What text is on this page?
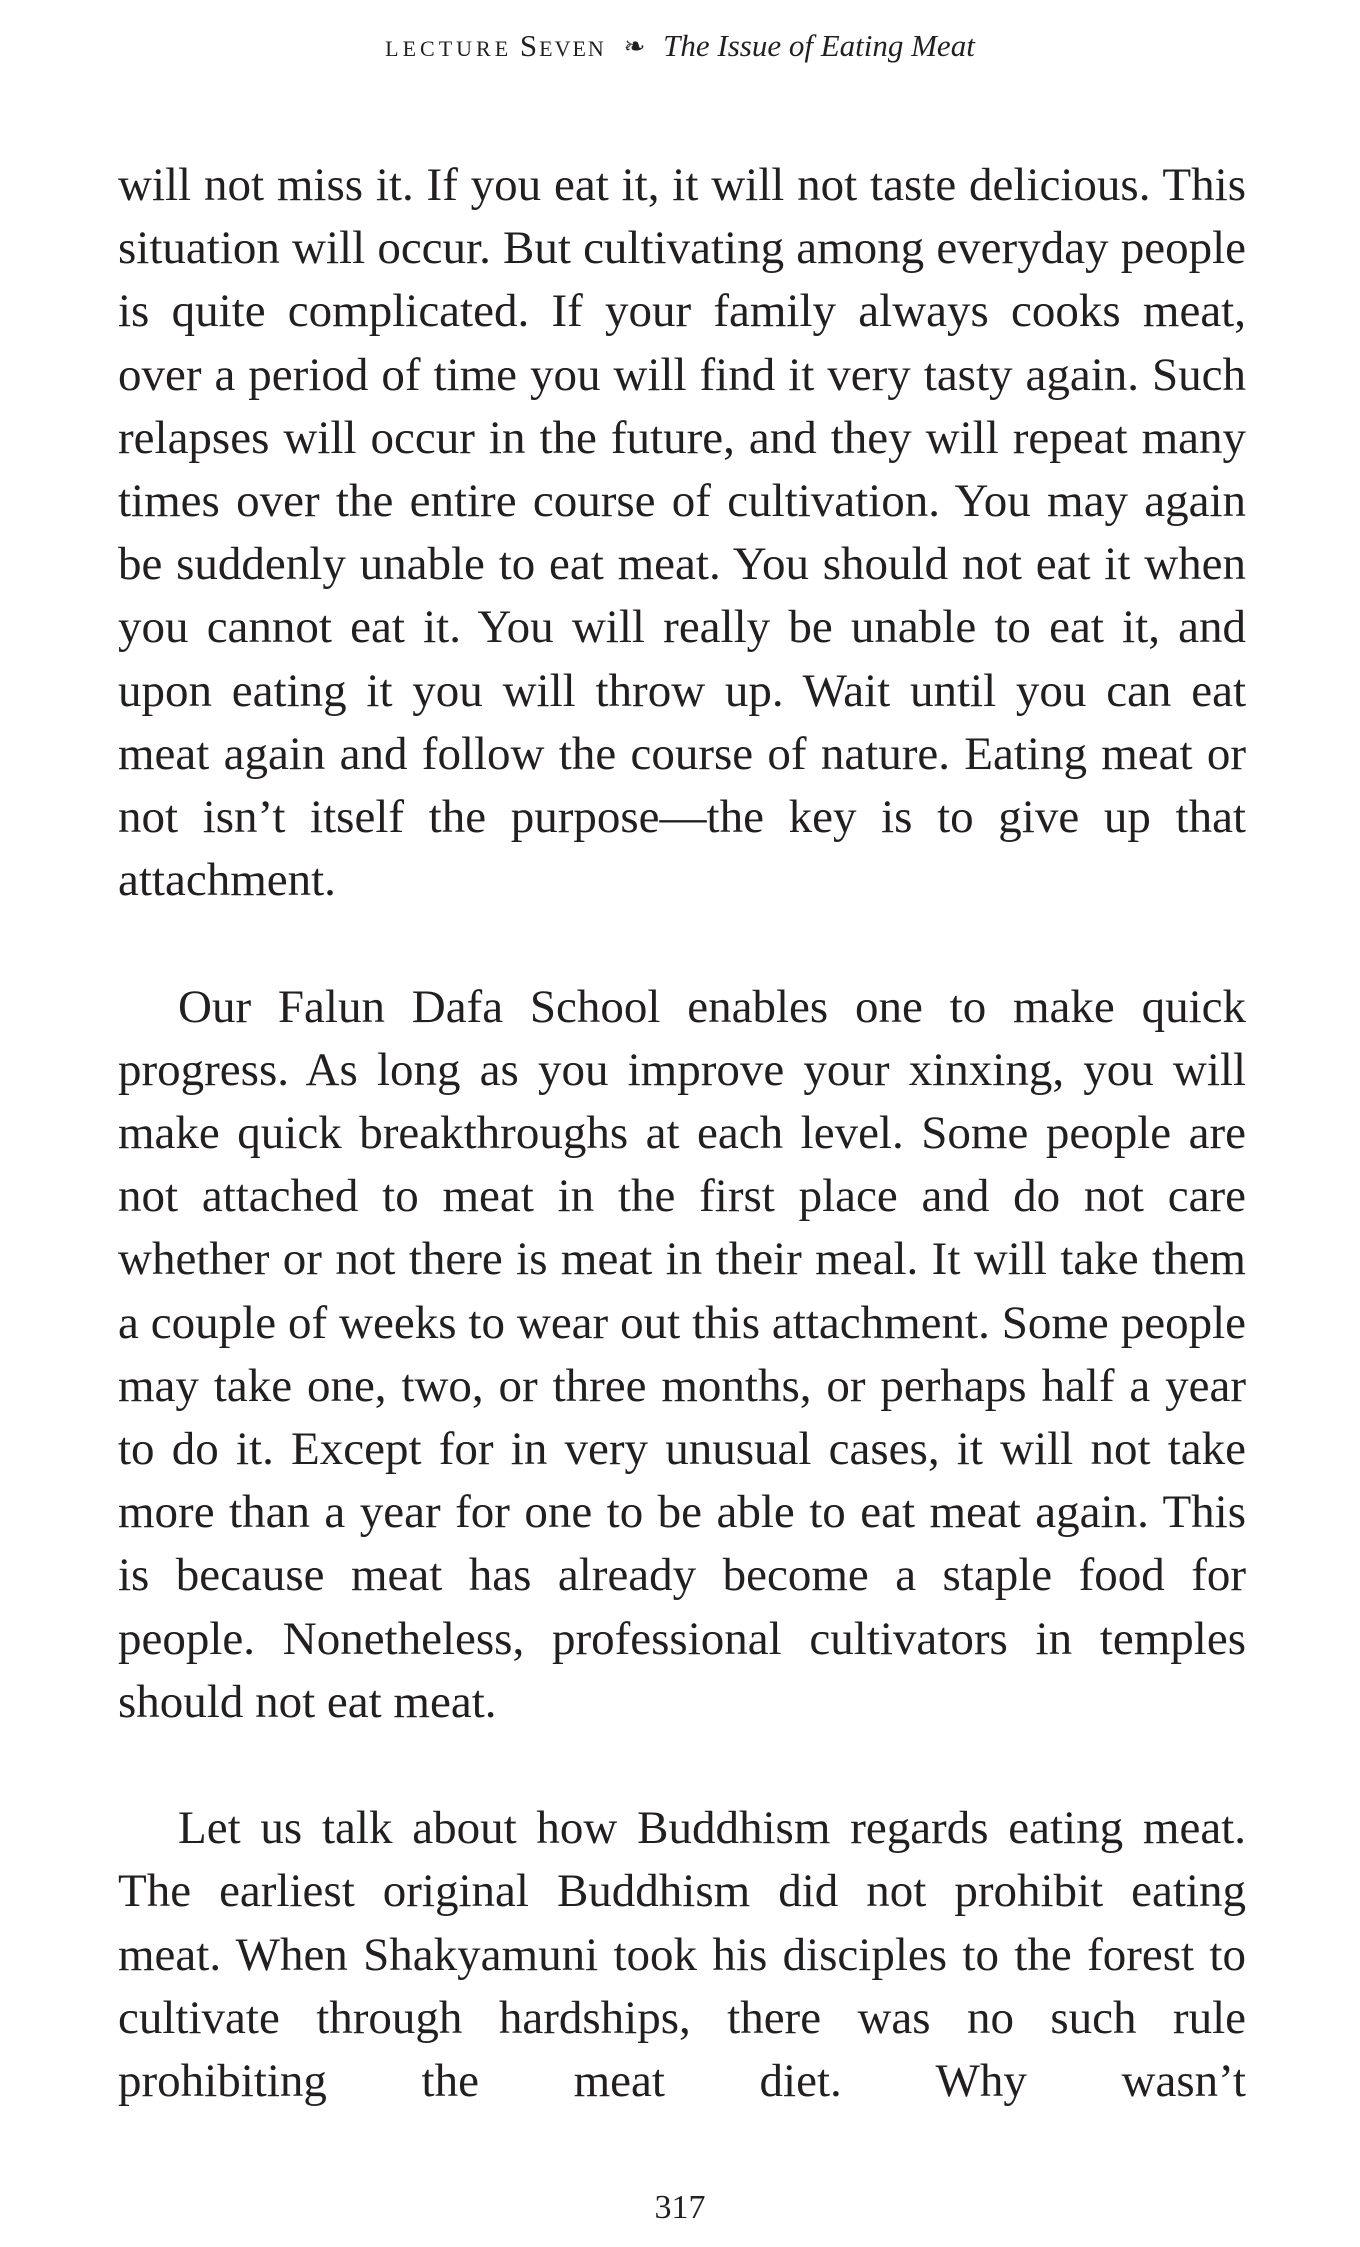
lecture Seven ❧ The Issue of Eating Meat

will not miss it. If you eat it, it will not taste delicious. This situation will occur. But cultivating among everyday people is quite complicated. If your family always cooks meat, over a period of time you will find it very tasty again. Such relapses will occur in the future, and they will repeat many times over the entire course of cultivation. You may again be suddenly unable to eat meat. You should not eat it when you cannot eat it. You will really be unable to eat it, and upon eating it you will throw up. Wait until you can eat meat again and follow the course of nature. Eating meat or not isn’t itself the purpose—the key is to give up that attachment.

Our Falun Dafa School enables one to make quick progress. As long as you improve your xinxing, you will make quick breakthroughs at each level. Some people are not attached to meat in the first place and do not care whether or not there is meat in their meal. It will take them a couple of weeks to wear out this attachment. Some people may take one, two, or three months, or perhaps half a year to do it. Except for in very unusual cases, it will not take more than a year for one to be able to eat meat again. This is because meat has already become a staple food for people. Nonetheless, professional cultivators in temples should not eat meat.

Let us talk about how Buddhism regards eating meat. The earliest original Buddhism did not prohibit eating meat. When Shakyamuni took his disciples to the forest to cultivate through hardships, there was no such rule prohibiting the meat diet. Why wasn’t

317
